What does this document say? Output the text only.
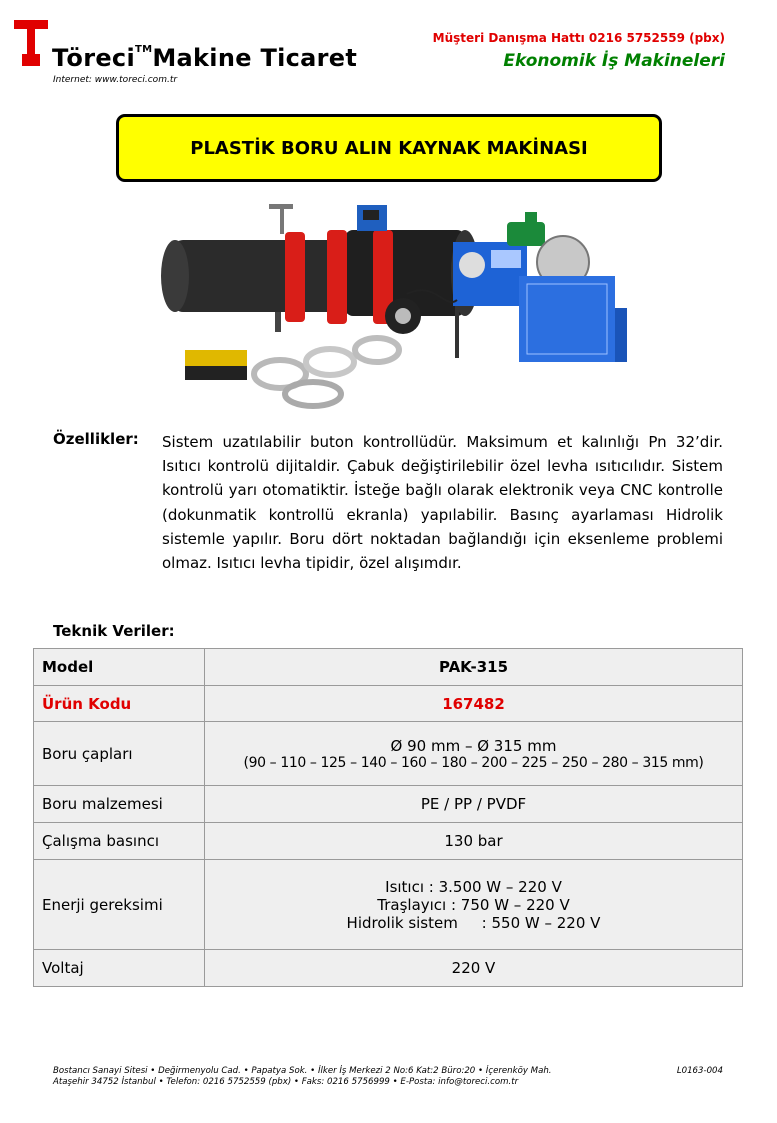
Töreci™Makine Ticaret
Internet: www.toreci.com.tr
Müşteri Danışma Hattı 0216 5752559 (pbx)
Ekonomik İş Makineleri
PLASTİK BORU ALIN KAYNAK MAKİNASI
Özellikler: Sistem uzatılabilir buton kontrollüdür. Maksimum et kalınlığı Pn 32’dir. Isıtıcı kontrolü dijitaldir. Çabuk değiştirilebilir özel levha ısıtıcılıdır. Sistem kontrolü yarı otomatiktir. İsteğe bağlı olarak elektronik veya CNC kontrolle (dokunmatik kontrollü ekranla) yapılabilir. Basınç ayarlaması Hidrolik sistemle yapılır. Boru dört noktadan bağlandığı için eksenleme problemi olmaz. Isıtıcı levha tipidir, özel alışımdır.
Teknik Veriler:
Model	PAK-315
Ürün Kodu	167482
Boru çapları	Ø 90 mm – Ø 315 mm
(90 – 110 – 125 – 140 – 160 – 180 – 200 – 225 – 250 – 280 – 315 mm)

Boru malzemesi	PE / PP / PVDF
Çalışma basıncı	130 bar
Enerji gereksimi	Isıtıcı : 3.500 W – 220 V
Traşlayıcı : 750 W – 220 V
Hidrolik sistem     : 550 W – 220 V

Voltaj	220 V
Bostancı Sanayi Sitesi • Değirmenyolu Cad. • Papatya Sok. • İlker İş Merkezi 2 No:6 Kat:2 Büro:20 • İçerenköy Mah.
Ataşehir 34752 İstanbul • Telefon: 0216 5752559 (pbx) • Faks: 0216 5756999 • E-Posta: info@toreci.com.tr
L0163-004
